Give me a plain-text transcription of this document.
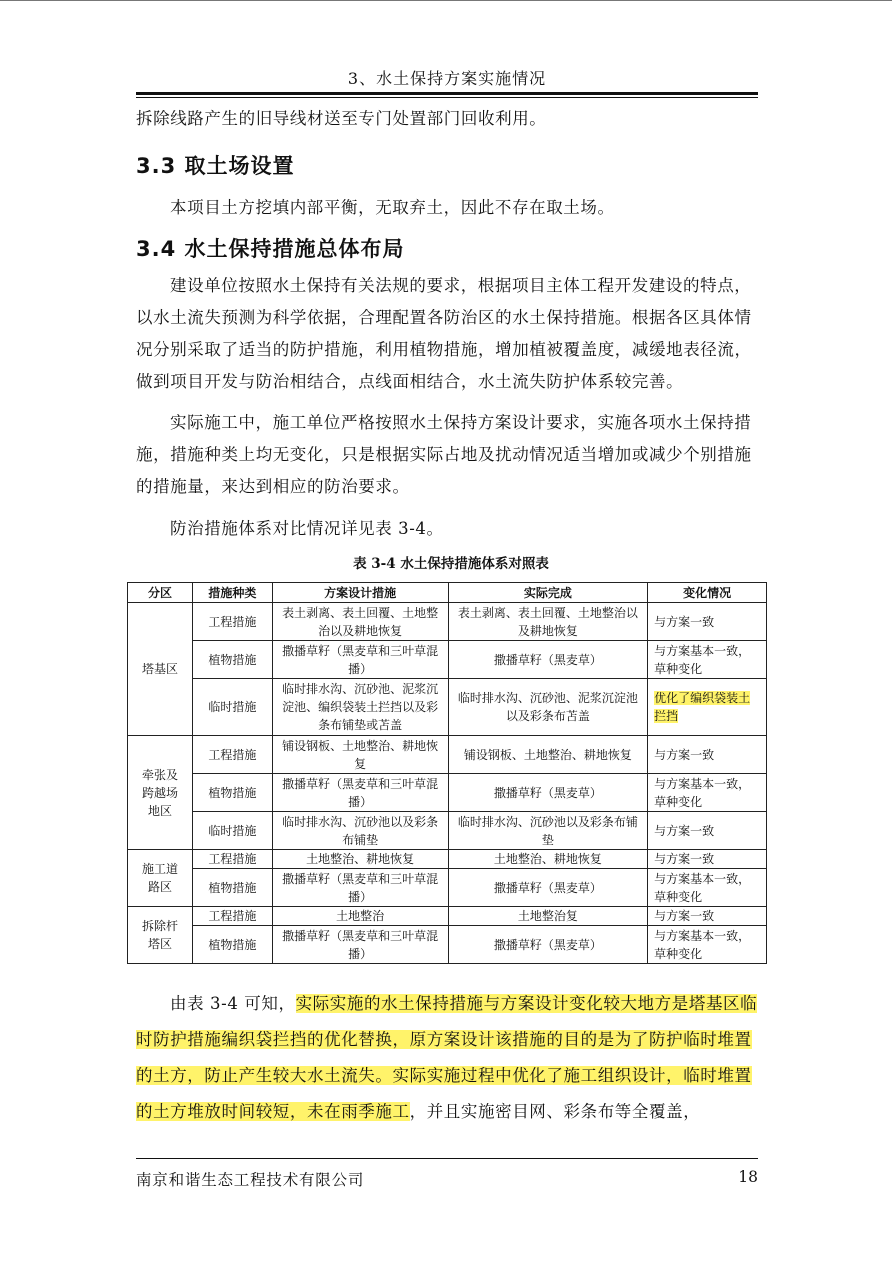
3、水土保持方案实施情况

拆除线路产生的旧导线材送至专门处置部门回收利用。

3.3 取土场设置

本项目土方挖填内部平衡，无取弃土，因此不存在取土场。

3.4 水土保持措施总体布局

建设单位按照水土保持有关法规的要求，根据项目主体工程开发建设的特点，以水土流失预测为科学依据，合理配置各防治区的水土保持措施。根据各区具体情况分别采取了适当的防护措施，利用植物措施，增加植被覆盖度，减缓地表径流，做到项目开发与防治相结合，点线面相结合，水土流失防护体系较完善。

实际施工中，施工单位严格按照水土保持方案设计要求，实施各项水土保持措施，措施种类上均无变化，只是根据实际占地及扰动情况适当增加或减少个别措施的措施量，来达到相应的防治要求。

防治措施体系对比情况详见表 3-4。

表 3-4 水土保持措施体系对照表
分区	措施种类	方案设计措施	实际完成	变化情况
塔基区	工程措施	表土剥离、表土回覆、土地整治以及耕地恢复	表土剥离、表土回覆、土地整治以及耕地恢复	与方案一致
	植物措施	撒播草籽（黑麦草和三叶草混播）	撒播草籽（黑麦草）	与方案基本一致，草种变化
	临时措施	临时排水沟、沉砂池、泥浆沉淀池、编织袋装土拦挡以及彩条布铺垫或苫盖	临时排水沟、沉砂池、泥浆沉淀池以及彩条布苫盖	优化了编织袋装土拦挡
牵张及跨越场地区	工程措施	铺设钢板、土地整治、耕地恢复	铺设钢板、土地整治、耕地恢复	与方案一致
	植物措施	撒播草籽（黑麦草和三叶草混播）	撒播草籽（黑麦草）	与方案基本一致，草种变化
	临时措施	临时排水沟、沉砂池以及彩条布铺垫	临时排水沟、沉砂池以及彩条布铺垫	与方案一致
施工道路区	工程措施	土地整治、耕地恢复	土地整治、耕地恢复	与方案一致
	植物措施	撒播草籽（黑麦草和三叶草混播）	撒播草籽（黑麦草）	与方案基本一致，草种变化
拆除杆塔区	工程措施	土地整治	土地整治复	与方案一致
	植物措施	撒播草籽（黑麦草和三叶草混播）	撒播草籽（黑麦草）	与方案基本一致，草种变化

由表 3-4 可知，实际实施的水土保持措施与方案设计变化较大地方是塔基区临时防护措施编织袋拦挡的优化替换，原方案设计该措施的目的是为了防护临时堆置的土方，防止产生较大水土流失。实际实施过程中优化了施工组织设计，临时堆置的土方堆放时间较短，未在雨季施工，并且实施密目网、彩条布等全覆盖，

南京和谐生态工程技术有限公司	18
